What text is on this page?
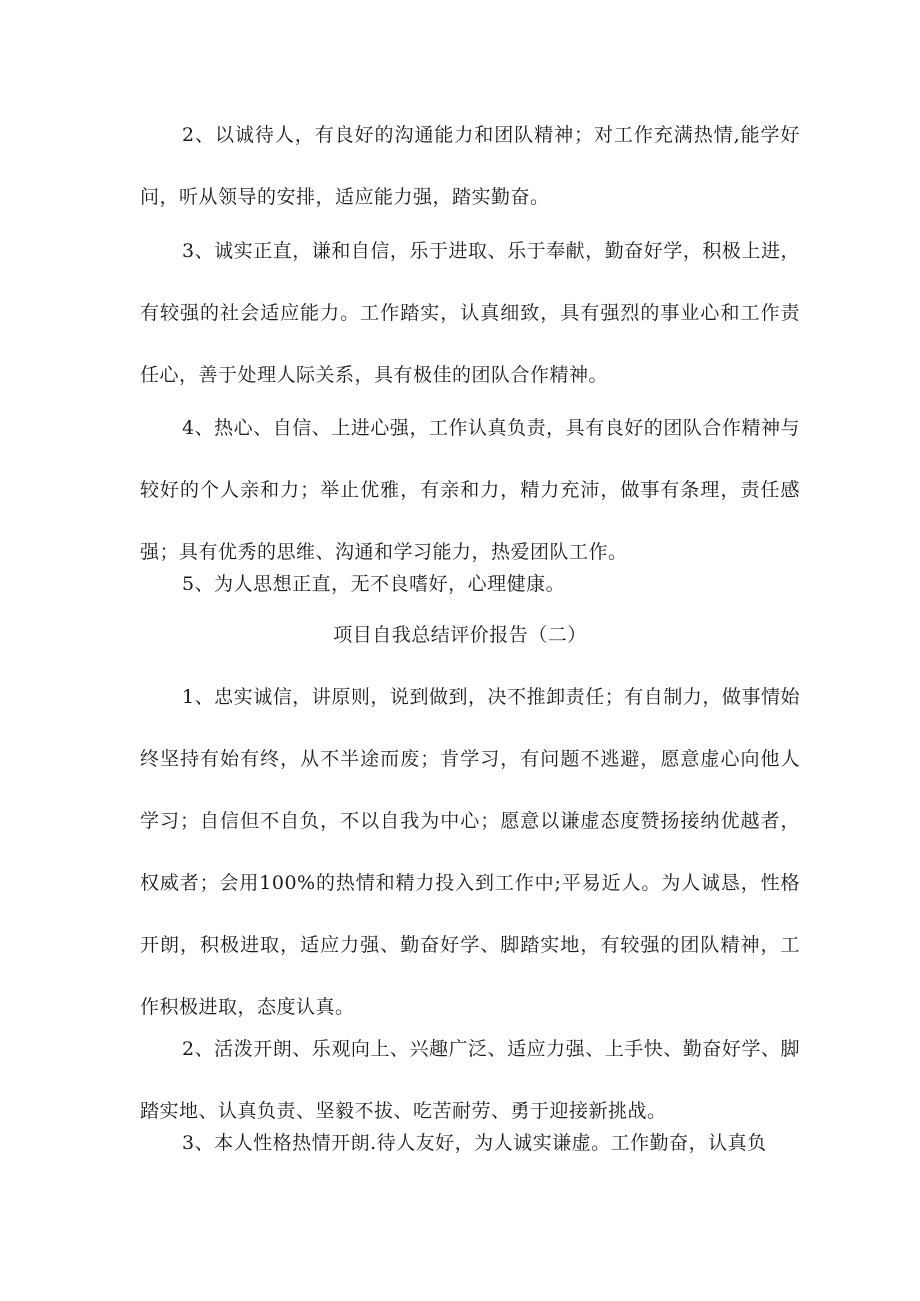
2、以诚待人，有良好的沟通能力和团队精神；对工作充满热情,能学好问，听从领导的安排，适应能力强，踏实勤奋。

3、诚实正直，谦和自信，乐于进取、乐于奉献，勤奋好学，积极上进，有较强的社会适应能力。工作踏实，认真细致，具有强烈的事业心和工作责任心，善于处理人际关系，具有极佳的团队合作精神。

4、热心、自信、上进心强，工作认真负责，具有良好的团队合作精神与较好的个人亲和力；举止优雅，有亲和力，精力充沛，做事有条理，责任感强；具有优秀的思维、沟通和学习能力，热爱团队工作。

5、为人思想正直，无不良嗜好，心理健康。

项目自我总结评价报告（二）

1、忠实诚信，讲原则，说到做到，决不推卸责任；有自制力，做事情始终坚持有始有终，从不半途而废；肯学习，有问题不逃避，愿意虚心向他人学习；自信但不自负，不以自我为中心；愿意以谦虚态度赞扬接纳优越者，权威者；会用100%的热情和精力投入到工作中;平易近人。为人诚恳，性格开朗，积极进取，适应力强、勤奋好学、脚踏实地，有较强的团队精神，工作积极进取，态度认真。

2、活泼开朗、乐观向上、兴趣广泛、适应力强、上手快、勤奋好学、脚踏实地、认真负责、坚毅不拔、吃苦耐劳、勇于迎接新挑战。

3、本人性格热情开朗.待人友好，为人诚实谦虚。工作勤奋，认真负
